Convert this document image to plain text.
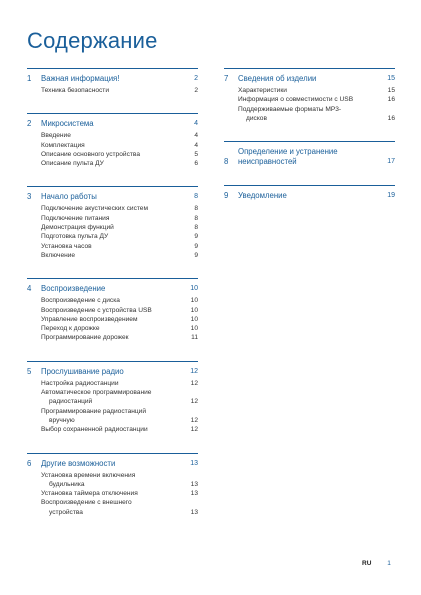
Содержание
1	Важная информация!	2
Техника безопасности	2
2	Микросистема	4
Введение	4
Комплектация	4
Описание основного устройства	5
Описание пульта ДУ	6
3	Начало работы	8
Подключение акустических систем	8
Подключение питания	8
Демонстрация функций	8
Подготовка пульта ДУ	9
Установка часов	9
Включение	9
4	Воспроизведение	10
Воспроизведение с диска	10
Воспроизведение с устройства USB	10
Управление воспроизведением	10
Переход к дорожке	10
Программирование дорожек	11
5	Прослушивание радио	12
Настройка радиостанции	12
Автоматическое программирование
радиостанций	12
Программирование радиостанций
вручную	12
Выбор сохраненной радиостанции	12
6	Другие возможности	13
Установка времени включения
будильника	13
Установка таймера отключения	13
Воспроизведение с внешнего
устройства	13
7	Сведения об изделии	15
Характеристики	15
Информация о совместимости с USB	16
Поддерживаемые форматы MP3-
дисков	16
8
Определение и устранение
неисправностей	17
9	Уведомление	19
RU 1
